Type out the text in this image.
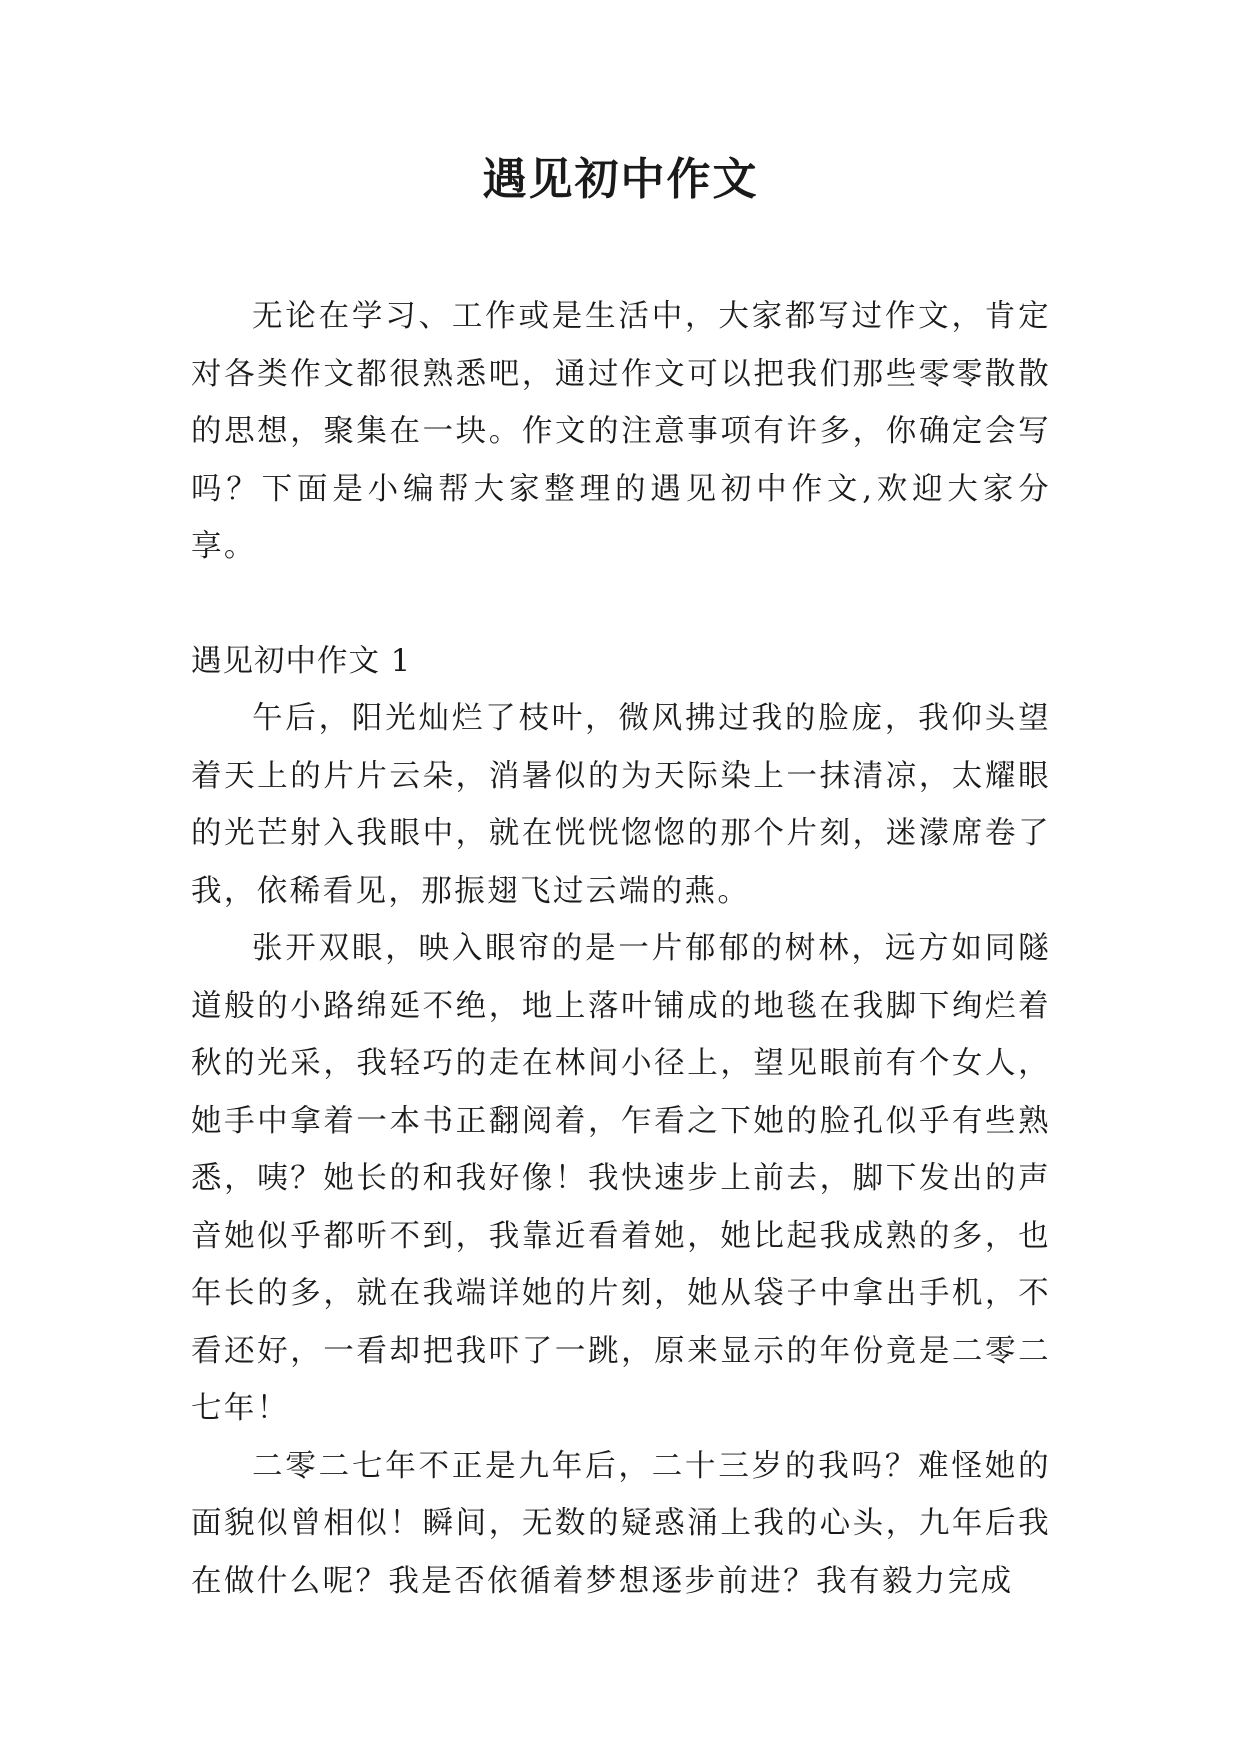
遇见初中作文

无论在学习、工作或是生活中，大家都写过作文，肯定对各类作文都很熟悉吧，通过作文可以把我们那些零零散散的思想，聚集在一块。作文的注意事项有许多，你确定会写吗？下面是小编帮大家整理的遇见初中作文,欢迎大家分享。

遇见初中作文 1

午后，阳光灿烂了枝叶，微风拂过我的脸庞，我仰头望着天上的片片云朵，消暑似的为天际染上一抹清凉，太耀眼的光芒射入我眼中，就在恍恍惚惚的那个片刻，迷濛席卷了我，依稀看见，那振翅飞过云端的燕。

张开双眼，映入眼帘的是一片郁郁的树林，远方如同隧道般的小路绵延不绝，地上落叶铺成的地毯在我脚下绚烂着秋的光采，我轻巧的走在林间小径上，望见眼前有个女人，她手中拿着一本书正翻阅着，乍看之下她的脸孔似乎有些熟悉，咦？她长的和我好像！我快速步上前去，脚下发出的声音她似乎都听不到，我靠近看着她，她比起我成熟的多，也年长的多，就在我端详她的片刻，她从袋子中拿出手机，不看还好，一看却把我吓了一跳，原来显示的年份竟是二零二七年！

二零二七年不正是九年后，二十三岁的我吗？难怪她的面貌似曾相似！瞬间，无数的疑惑涌上我的心头，九年后我在做什么呢？我是否依循着梦想逐步前进？我有毅力完成
